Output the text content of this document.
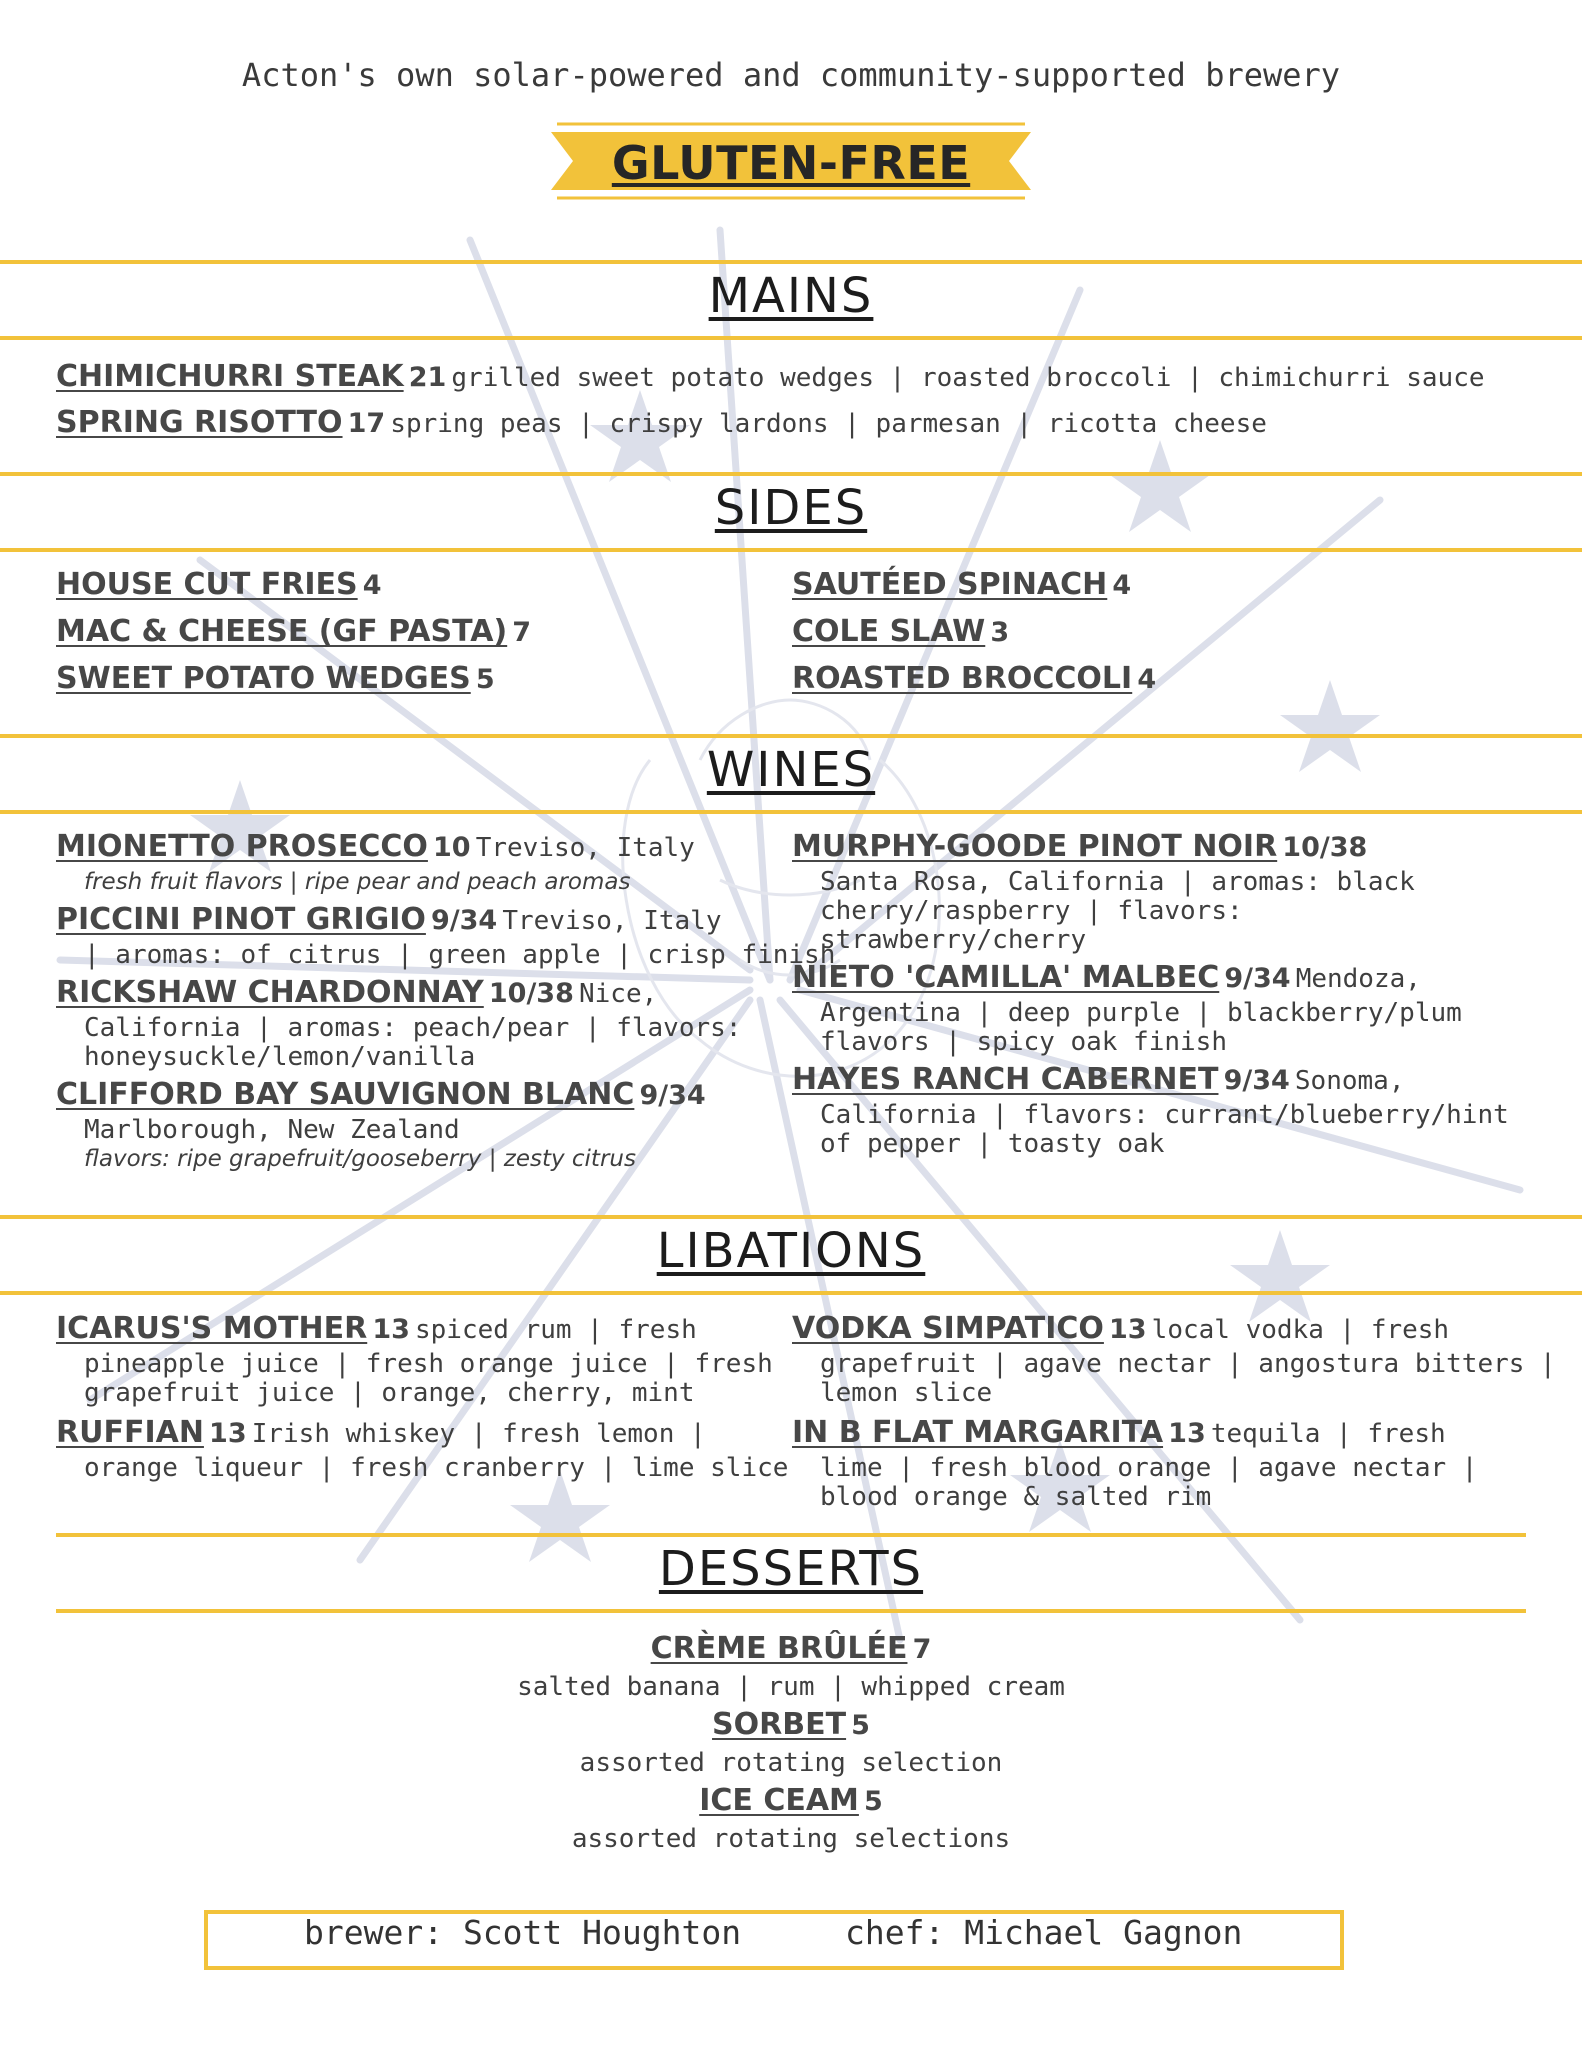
Acton's own solar-powered and community-supported brewery
GLUTEN-FREE
MAINS
CHIMICHURRI STEAK 21 grilled sweet potato wedges | roasted broccoli | chimichurri sauce
SPRING RISOTTO 17 spring peas | crispy lardons | parmesan | ricotta cheese
SIDES
HOUSE CUT FRIES 4
MAC & CHEESE (GF PASTA) 7
SWEET POTATO WEDGES 5
SAUTÉED SPINACH 4
COLE SLAW 3
ROASTED BROCCOLI 4
WINES
MIONETTO PROSECCO 10 Treviso, Italy
fresh fruit flavors | ripe pear and peach aromas
PICCINI PINOT GRIGIO 9/34 Treviso, Italy
| aromas: of citrus | green apple | crisp finish
RICKSHAW CHARDONNAY 10/38 Nice,
California | aromas: peach/pear | flavors:
honeysuckle/lemon/vanilla
CLIFFORD BAY SAUVIGNON BLANC 9/34
Marlborough, New Zealand
flavors: ripe grapefruit/gooseberry | zesty citrus
MURPHY-GOODE PINOT NOIR 10/38
Santa Rosa, California | aromas: black
cherry/raspberry | flavors:
strawberry/cherry
NIETO 'CAMILLA' MALBEC 9/34 Mendoza,
Argentina | deep purple | blackberry/plum
flavors | spicy oak finish
HAYES RANCH CABERNET 9/34 Sonoma,
California | flavors: currant/blueberry/hint
of pepper | toasty oak
LIBATIONS
ICARUS'S MOTHER 13 spiced rum | fresh
pineapple juice | fresh orange juice | fresh
grapefruit juice | orange, cherry, mint
RUFFIAN 13 Irish whiskey | fresh lemon |
orange liqueur | fresh cranberry | lime slice
VODKA SIMPATICO 13 local vodka | fresh
grapefruit | agave nectar | angostura bitters |
lemon slice
IN B FLAT MARGARITA 13 tequila | fresh
lime | fresh blood orange | agave nectar |
blood orange & salted rim
DESSERTS
CRÈME BRÛLÉE 7
salted banana | rum | whipped cream
SORBET 5
assorted rotating selection
ICE CEAM 5
assorted rotating selections
brewer: Scott Houghton	chef: Michael Gagnon
